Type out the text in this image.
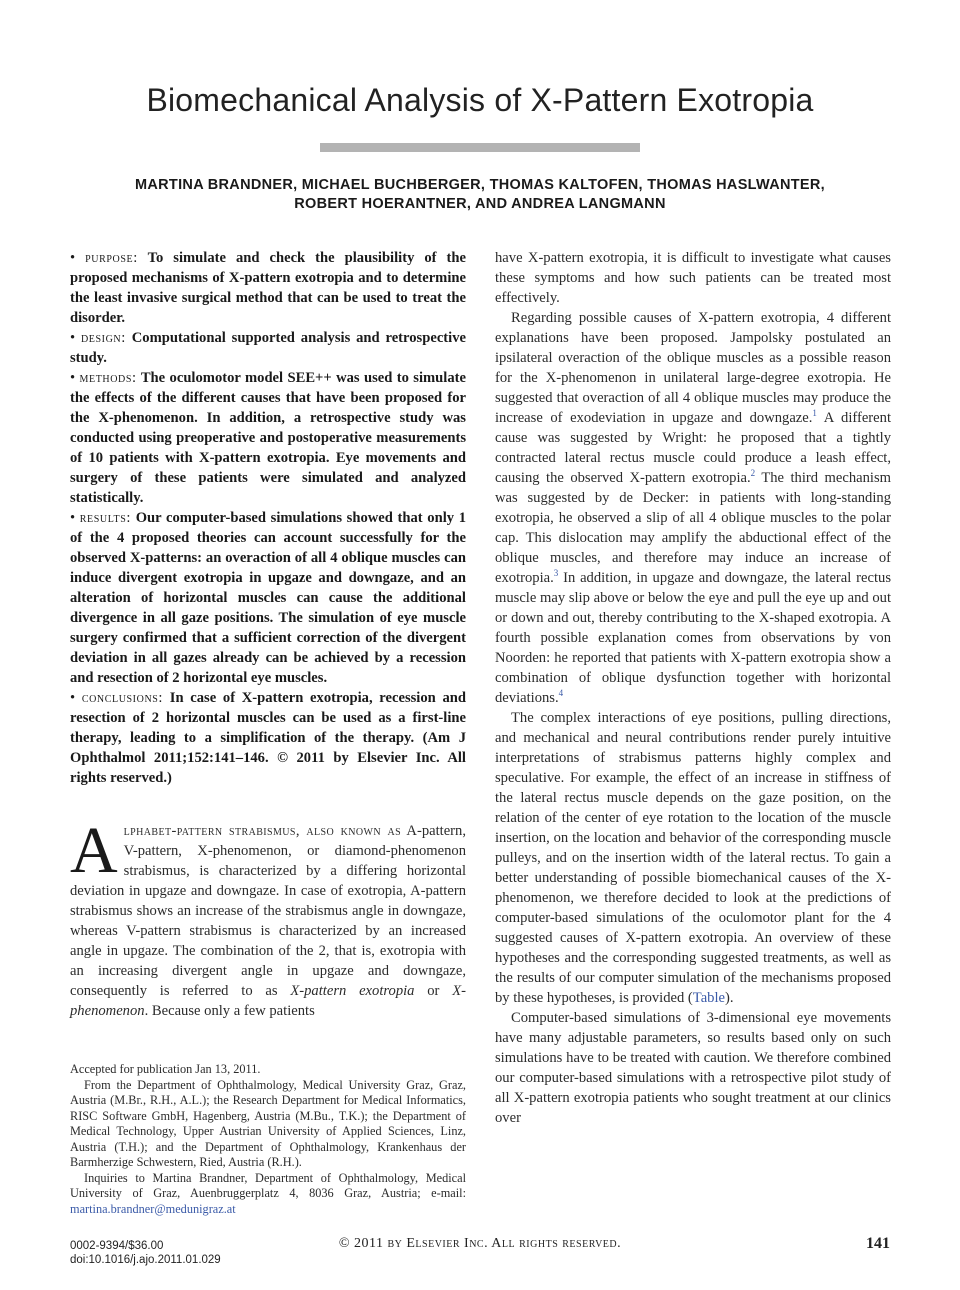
Biomechanical Analysis of X-Pattern Exotropia
MARTINA BRANDNER, MICHAEL BUCHBERGER, THOMAS KALTOFEN, THOMAS HASLWANTER,
ROBERT HOERANTNER, AND ANDREA LANGMANN

• purpose: To simulate and check the plausibility of the proposed mechanisms of X-pattern exotropia and to determine the least invasive surgical method that can be used to treat the disorder.

• design: Computational supported analysis and retrospective study.

• methods: The oculomotor model SEE++ was used to simulate the effects of the different causes that have been proposed for the X-phenomenon. In addition, a retrospective study was conducted using preoperative and postoperative measurements of 10 patients with X-pattern exotropia. Eye movements and surgery of these patients were simulated and analyzed statistically.

• results: Our computer-based simulations showed that only 1 of the 4 proposed theories can account successfully for the observed X-patterns: an overaction of all 4 oblique muscles can induce divergent exotropia in upgaze and downgaze, and an alteration of horizontal muscles can cause the additional divergence in all gaze positions. The simulation of eye muscle surgery confirmed that a sufficient correction of the divergent deviation in all gazes already can be achieved by a recession and resection of 2 horizontal eye muscles.

• conclusions: In case of X-pattern exotropia, recession and resection of 2 horizontal muscles can be used as a first-line therapy, leading to a simplification of the therapy. (Am J Ophthalmol 2011;152:141–146. © 2011 by Elsevier Inc. All rights reserved.)

Alphabet-pattern strabismus, also known as A-pattern, V-pattern, X-phenomenon, or diamond-phenomenon strabismus, is characterized by a differing horizontal deviation in upgaze and downgaze. In case of exotropia, A-pattern strabismus shows an increase of the strabismus angle in downgaze, whereas V-pattern strabismus is characterized by an increased angle in upgaze. The combination of the 2, that is, exotropia with an increasing divergent angle in upgaze and downgaze, consequently is referred to as X-pattern exotropia or X-phenomenon. Because only a few patients

Accepted for publication Jan 13, 2011.

From the Department of Ophthalmology, Medical University Graz, Graz, Austria (M.Br., R.H., A.L.); the Research Department for Medical Informatics, RISC Software GmbH, Hagenberg, Austria (M.Bu., T.K.); the Department of Medical Technology, Upper Austrian University of Applied Sciences, Linz, Austria (T.H.); and the Department of Ophthalmology, Krankenhaus der Barmherzige Schwestern, Ried, Austria (R.H.).

Inquiries to Martina Brandner, Department of Ophthalmology, Medical University of Graz, Auenbruggerplatz 4, 8036 Graz, Austria; e-mail: martina.brandner@medunigraz.at

have X-pattern exotropia, it is difficult to investigate what causes these symptoms and how such patients can be treated most effectively.

Regarding possible causes of X-pattern exotropia, 4 different explanations have been proposed. Jampolsky postulated an ipsilateral overaction of the oblique muscles as a possible reason for the X-phenomenon in unilateral large-degree exotropia. He suggested that overaction of all 4 oblique muscles may produce the increase of exodeviation in upgaze and downgaze.$^1$ A different cause was suggested by Wright: he proposed that a tightly contracted lateral rectus muscle could produce a leash effect, causing the observed X-pattern exotropia.$^2$ The third mechanism was suggested by de Decker: in patients with long-standing exotropia, he observed a slip of all 4 oblique muscles to the polar cap. This dislocation may amplify the abductional effect of the oblique muscles, and therefore may induce an increase of exotropia.$^3$ In addition, in upgaze and downgaze, the lateral rectus muscle may slip above or below the eye and pull the eye up and out or down and out, thereby contributing to the X-shaped exotropia. A fourth possible explanation comes from observations by von Noorden: he reported that patients with X-pattern exotropia show a combination of oblique dysfunction together with horizontal deviations.$^4$

The complex interactions of eye positions, pulling directions, and mechanical and neural contributions render purely intuitive interpretations of strabismus patterns highly complex and speculative. For example, the effect of an increase in stiffness of the lateral rectus muscle depends on the gaze position, on the relation of the center of eye rotation to the location of the muscle insertion, on the location and behavior of the corresponding muscle pulleys, and on the insertion width of the lateral rectus. To gain a better understanding of possible biomechanical causes of the X-phenomenon, we therefore decided to look at the predictions of computer-based simulations of the oculomotor plant for the 4 suggested causes of X-pattern exotropia. An overview of these hypotheses and the corresponding suggested treatments, as well as the results of our computer simulation of the mechanisms proposed by these hypotheses, is provided (Table).

Computer-based simulations of 3-dimensional eye movements have many adjustable parameters, so results based only on such simulations have to be treated with caution. We therefore combined our computer-based simulations with a retrospective pilot study of all X-pattern exotropia patients who sought treatment at our clinics over

0002-9394/$36.00
doi:10.1016/j.ajo.2011.01.029
© 2011 by Elsevier Inc. All rights reserved.	141
